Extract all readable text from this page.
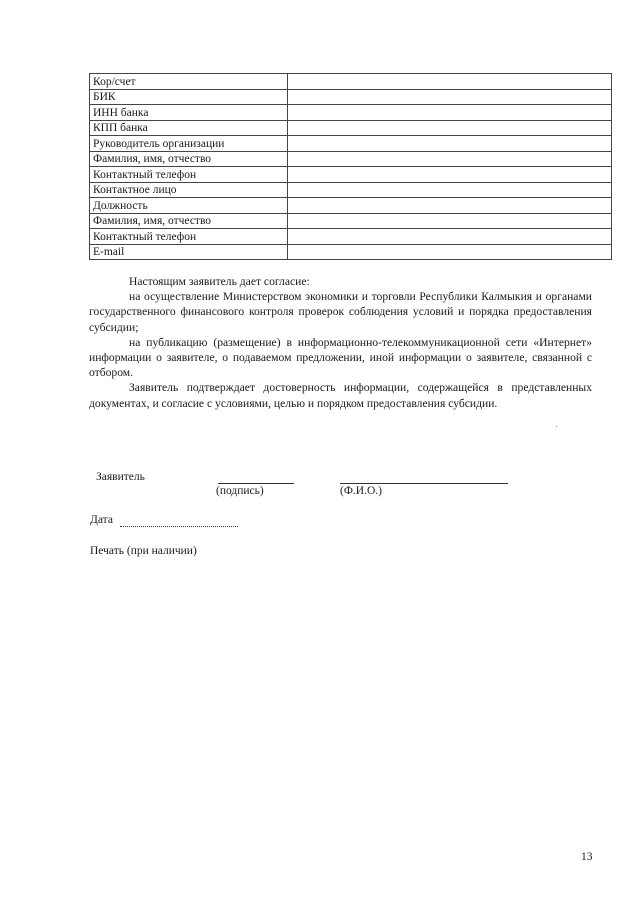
Кор/счет	
БИК	
ИНН банка	
КПП банка	
Руководитель организации	
Фамилия, имя, отчество	
Контактный телефон	
Контактное лицо	
Должность	
Фамилия, имя, отчество	
Контактный телефон	
E-mail	

Настоящим заявитель дает согласие:

на осуществление Министерством экономики и торговли Республики Калмыкия и органами государственного финансового контроля проверок соблюдения условий и порядка предоставления субсидии;

на публикацию (размещение) в информационно-телекоммуникационной сети «Интернет» информации о заявителе, о подаваемом предложении, иной информации о заявителе, связанной с отбором.

Заявитель подтверждает достоверность информации, содержащейся в представленных документах, и согласие с условиями, целью и порядком предоставления субсидии.

Заявитель
(подпись)	(Ф.И.О.)
Дата
Печать (при наличии)
13
